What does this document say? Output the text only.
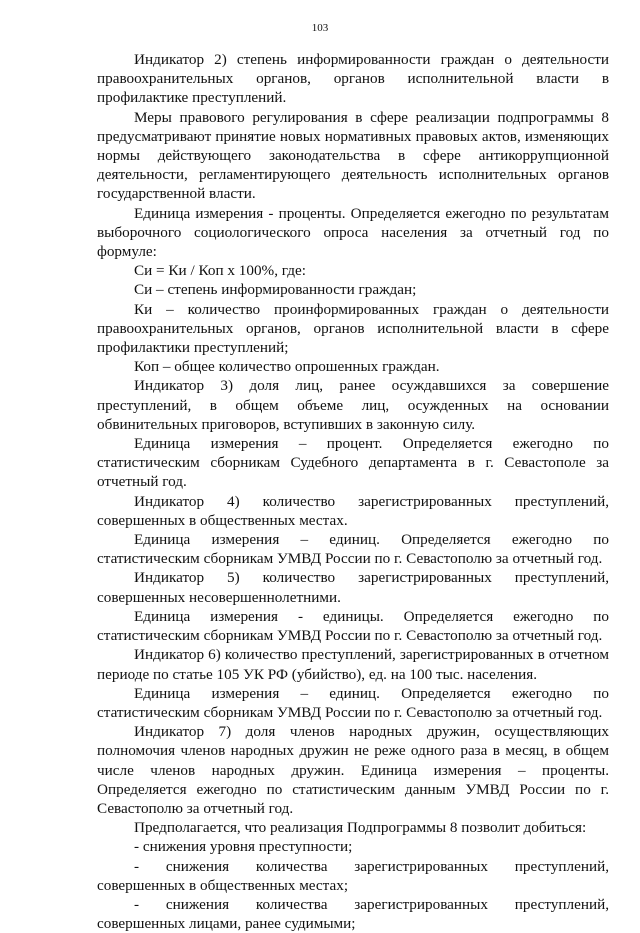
103

Индикатор 2) степень информированности граждан о деятельности правоохранительных органов, органов исполнительной власти в профилактике преступлений.

Меры правового регулирования в сфере реализации подпрограммы 8 предусматривают принятие новых нормативных правовых актов, изменяющих нормы действующего законодательства в сфере антикоррупционной деятельности, регламентирующего деятельность исполнительных органов государственной власти.

Единица измерения - проценты. Определяется ежегодно по результатам выборочного социологического опроса населения за отчетный год по формуле:

Си = Ки / Коп х 100%, где:

Си – степень информированности граждан;

Ки – количество проинформированных граждан о деятельности правоохранительных органов, органов исполнительной власти в сфере профилактики преступлений;

Коп – общее количество опрошенных граждан.

Индикатор 3) доля лиц, ранее осуждавшихся за совершение преступлений, в общем объеме лиц, осужденных на основании обвинительных приговоров, вступивших в законную силу.

Единица измерения – процент. Определяется ежегодно по статистическим сборникам Судебного департамента в г. Севастополе за отчетный год.

Индикатор 4) количество зарегистрированных преступлений, совершенных в общественных местах.

Единица измерения – единиц. Определяется ежегодно по статистическим сборникам УМВД России по г. Севастополю за отчетный год.

Индикатор 5) количество зарегистрированных преступлений, совершенных несовершеннолетними.

Единица измерения - единицы. Определяется ежегодно по статистическим сборникам УМВД России по г. Севастополю за отчетный год.

Индикатор 6) количество преступлений, зарегистрированных в отчетном периоде по статье 105 УК РФ (убийство), ед. на 100 тыс. населения.

Единица измерения – единиц. Определяется ежегодно по статистическим сборникам УМВД России по г. Севастополю за отчетный год.

Индикатор 7) доля членов народных дружин, осуществляющих полномочия членов народных дружин не реже одного раза в месяц, в общем числе членов народных дружин. Единица измерения – проценты. Определяется ежегодно по статистическим данным УМВД России по г. Севастополю за отчетный год.

Предполагается, что реализация Подпрограммы 8 позволит добиться:

- снижения уровня преступности;

- снижения количества зарегистрированных преступлений, совершенных в общественных местах;

- снижения количества зарегистрированных преступлений, совершенных лицами, ранее судимыми;
